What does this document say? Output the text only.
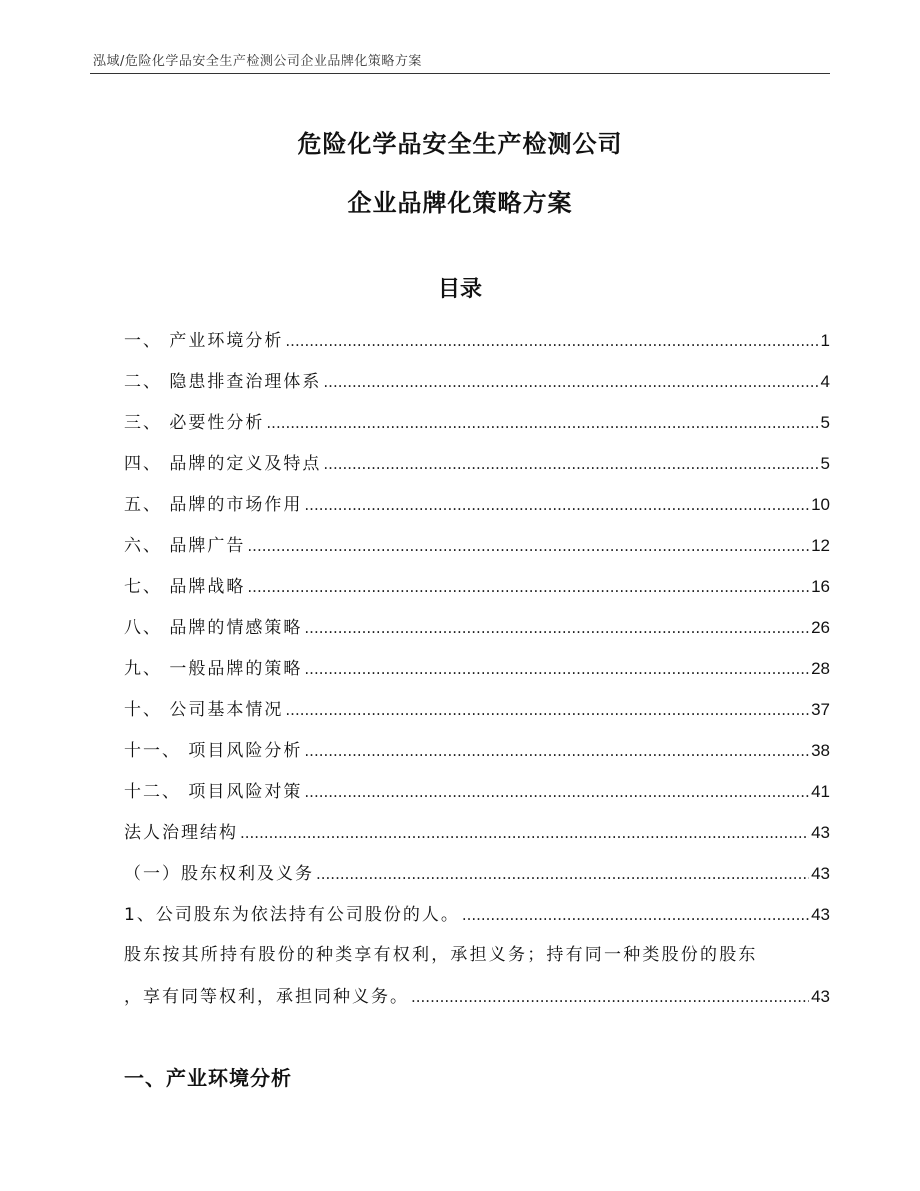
泓域/危险化学品安全生产检测公司企业品牌化策略方案
危险化学品安全生产检测公司
企业品牌化策略方案
目录
一、 产业环境分析 .....	1
二、 隐患排查治理体系 .....	4
三、 必要性分析 .....	5
四、 品牌的定义及特点 .....	5
五、 品牌的市场作用 .....	10
六、 品牌广告 .....	12
七、 品牌战略 .....	16
八、 品牌的情感策略 .....	26
九、 一般品牌的策略 .....	28
十、 公司基本情况 .....	37
十一、 项目风险分析 .....	38
十二、 项目风险对策 .....	41
法人治理结构 .....	43
（一）股东权利及义务 .....	43
1、公司股东为依法持有公司股份的人。 .....	43
股东按其所持有股份的种类享有权利，承担义务；持有同一种类股份的股东
，享有同等权利，承担同种义务。 .....	43
一、产业环境分析
